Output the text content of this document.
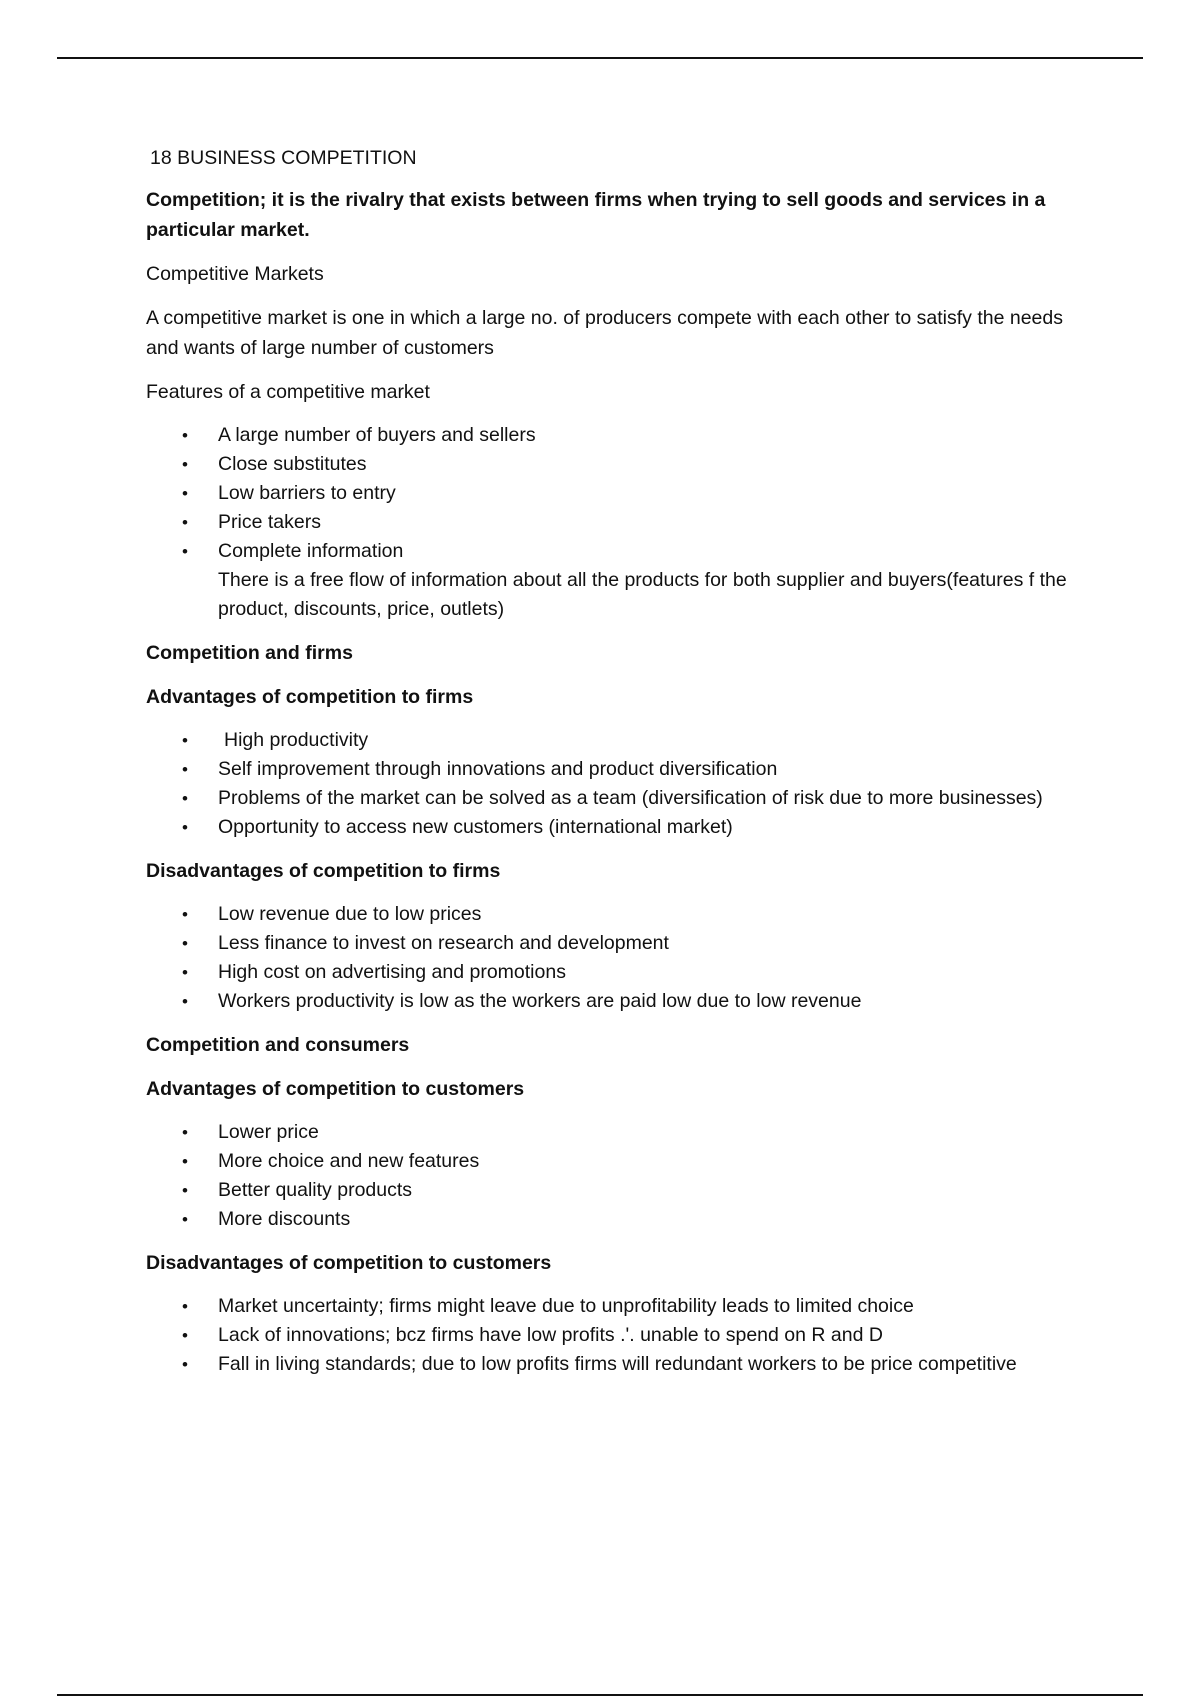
18 BUSINESS COMPETITION
Competition; it is the rivalry that exists between firms when trying to sell goods and services in a particular market.
Competitive Markets
A competitive market is one in which a large no. of producers compete with each other to satisfy the needs and wants of large number of customers
Features of a competitive market
• A large number of buyers and sellers
• Close substitutes
• Low barriers to entry
• Price takers
• Complete information
There is a free flow of information about all the products for both supplier and buyers(features f the product, discounts, price, outlets)
Competition and firms
Advantages of competition to firms
• High productivity
• Self improvement through innovations and product diversification
• Problems of the market can be solved as a team (diversification of risk due to more businesses)
• Opportunity to access new customers (international market)
Disadvantages of competition to firms
• Low revenue due to low prices
• Less finance to invest on research and development
• High cost on advertising and promotions
• Workers productivity is low as the workers are paid low due to low revenue
Competition and consumers
Advantages of competition to customers
• Lower price
• More choice and new features
• Better quality products
• More discounts
Disadvantages of competition to customers
• Market uncertainty; firms might leave due to unprofitability leads to limited choice
• Lack of innovations; bcz firms have low profits .'. unable to spend on R and D
• Fall in living standards; due to low profits firms will redundant workers to be price competitive
